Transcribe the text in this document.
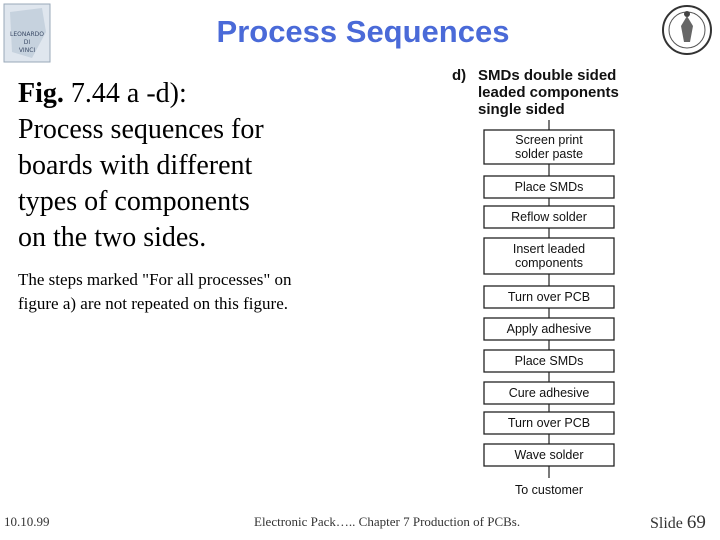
LEONARDO
DI
VINCI
Process Sequences
Fig. 7.44 a -d):
Process sequences for
boards with different
types of components
on the two sides.
The steps marked "For all processes" on figure a) are not repeated on this figure.
d) SMDs double sided
leaded components
single sided
Screen print
solder paste
Place SMDs
Reflow solder
Insert leaded
components
Turn over PCB
Apply adhesive
Place SMDs
Cure adhesive
Turn over PCB
Wave solder
To customer
10.10.99	Electronic Pack….. Chapter 7 Production of PCBs.	Slide 69
